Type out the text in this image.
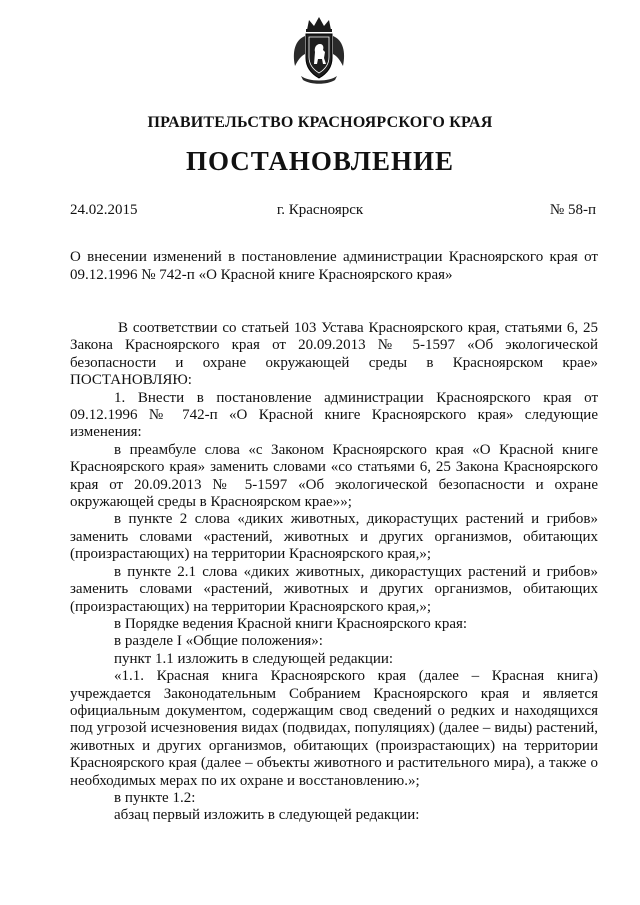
ПРАВИТЕЛЬСТВО КРАСНОЯРСКОГО КРАЯ
ПОСТАНОВЛЕНИЕ
24.02.2015	г. Красноярск	№ 58-п
О внесении изменений в постановление администрации Красноярского края от 09.12.1996 № 742-п «О Красной книге Красноярского края»

В соответствии со статьей 103 Устава Красноярского края, статьями 6, 25 Закона Красноярского края от 20.09.2013 № 5-1597 «Об экологической безопасности и охране окружающей среды в Красноярском крае» ПОСТАНОВЛЯЮ:

1. Внести в постановление администрации Красноярского края от 09.12.1996 № 742-п «О Красной книге Красноярского края» следующие изменения:

в преамбуле слова «с Законом Красноярского края «О Красной книге Красноярского края» заменить словами «со статьями 6, 25 Закона Красноярского края от 20.09.2013 № 5-1597 «Об экологической безопасности и охране окружающей среды в Красноярском крае»»;

в пункте 2 слова «диких животных, дикорастущих растений и грибов» заменить словами «растений, животных и других организмов, обитающих (произрастающих) на территории Красноярского края,»;

в пункте 2.1 слова «диких животных, дикорастущих растений и грибов» заменить словами «растений, животных и других организмов, обитающих (произрастающих) на территории Красноярского края,»;

в Порядке ведения Красной книги Красноярского края:

в разделе I «Общие положения»:

пункт 1.1 изложить в следующей редакции:

«1.1. Красная книга Красноярского края (далее – Красная книга) учреждается Законодательным Собранием Красноярского края и является официальным документом, содержащим свод сведений о редких и находящихся под угрозой исчезновения видах (подвидах, популяциях) (далее – виды) растений, животных и других организмов, обитающих (произрастающих) на территории Красноярского края (далее – объекты животного и растительного мира), а также о необходимых мерах по их охране и восстановлению.»;

в пункте 1.2:

абзац первый изложить в следующей редакции:
